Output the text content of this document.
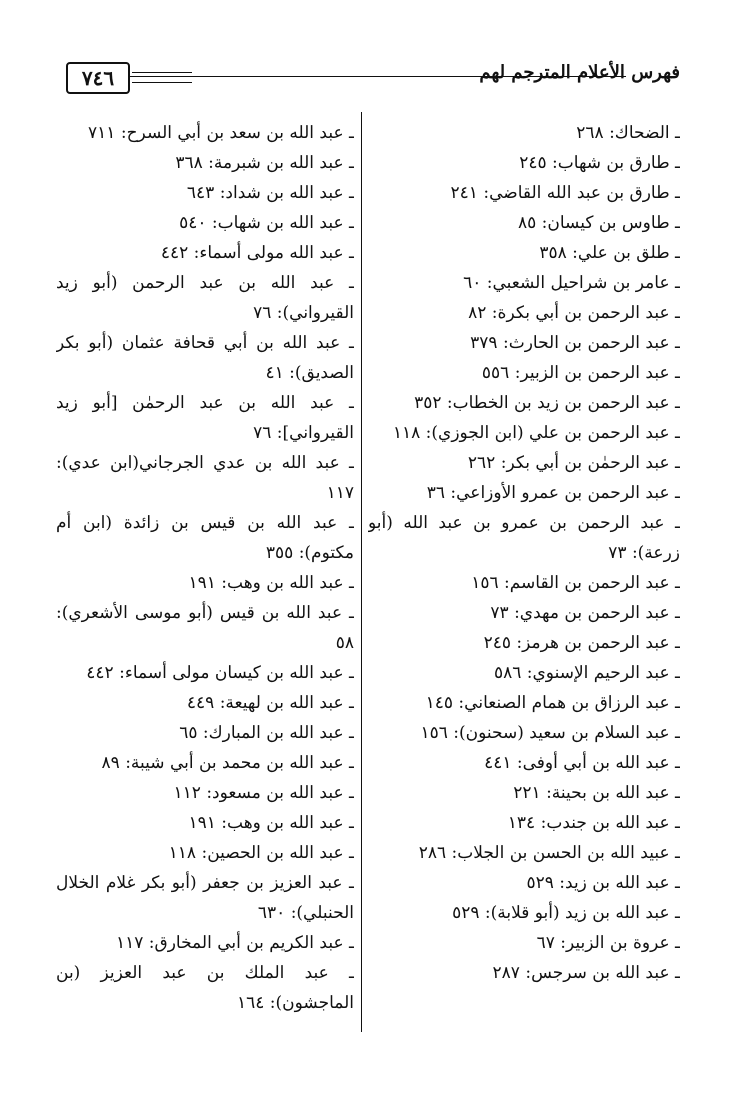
٧٤٦	فهرس الأعلام المترجم لهم
ـ الضحاك: ٢٦٨
ـ طارق بن شهاب: ٢٤٥
ـ طارق بن عبد الله القاضي: ٢٤١
ـ طاوس بن كيسان: ٨٥
ـ طلق بن علي: ٣٥٨
ـ عامر بن شراحيل الشعبي: ٦٠
ـ عبد الرحمن بن أبي بكرة: ٨٢
ـ عبد الرحمن بن الحارث: ٣٧٩
ـ عبد الرحمن بن الزبير: ٥٥٦
ـ عبد الرحمن بن زيد بن الخطاب: ٣٥٢
ـ عبد الرحمن بن علي (ابن الجوزي): ١١٨
ـ عبد الرحمٰن بن أبي بكر: ٢٦٢
ـ عبد الرحمن بن عمرو الأوزاعي: ٣٦
ـ عبد الرحمن بن عمرو بن عبد الله (أبو زرعة): ٧٣
ـ عبد الرحمن بن القاسم: ١٥٦
ـ عبد الرحمن بن مهدي: ٧٣
ـ عبد الرحمن بن هرمز: ٢٤٥
ـ عبد الرحيم الإسنوي: ٥٨٦
ـ عبد الرزاق بن همام الصنعاني: ١٤٥
ـ عبد السلام بن سعيد (سحنون): ١٥٦
ـ عبد الله بن أبي أوفى: ٤٤١
ـ عبد الله بن بحينة: ٢٢١
ـ عبد الله بن جندب: ١٣٤
ـ عبيد الله بن الحسن بن الجلاب: ٢٨٦
ـ عبد الله بن زيد: ٥٢٩
ـ عبد الله بن زيد (أبو قلابة): ٥٢٩
ـ عروة بن الزبير: ٦٧
ـ عبد الله بن سرجس: ٢٨٧
ـ عبد الله بن سعد بن أبي السرح: ٧١١
ـ عبد الله بن شبرمة: ٣٦٨
ـ عبد الله بن شداد: ٦٤٣
ـ عبد الله بن شهاب: ٥٤٠
ـ عبد الله مولى أسماء: ٤٤٢
ـ عبد الله بن عبد الرحمن (أبو زيد القيرواني): ٧٦
ـ عبد الله بن أبي قحافة عثمان (أبو بكر الصديق): ٤١
ـ عبد الله بن عبد الرحمٰن [أبو زيد القيرواني]: ٧٦
ـ عبد الله بن عدي الجرجاني(ابن عدي): ١١٧
ـ عبد الله بن قيس بن زائدة (ابن أم مكتوم): ٣٥٥
ـ عبد الله بن وهب: ١٩١
ـ عبد الله بن قيس (أبو موسى الأشعري): ٥٨
ـ عبد الله بن كيسان مولى أسماء: ٤٤٢
ـ عبد الله بن لهيعة: ٤٤٩
ـ عبد الله بن المبارك: ٦٥
ـ عبد الله بن محمد بن أبي شيبة: ٨٩
ـ عبد الله بن مسعود: ١١٢
ـ عبد الله بن وهب: ١٩١
ـ عبد الله بن الحصين: ١١٨
ـ عبد العزيز بن جعفر (أبو بكر غلام الخلال الحنبلي): ٦٣٠
ـ عبد الكريم بن أبي المخارق: ١١٧
ـ عبد الملك بن عبد العزيز (بن الماجشون): ١٦٤
